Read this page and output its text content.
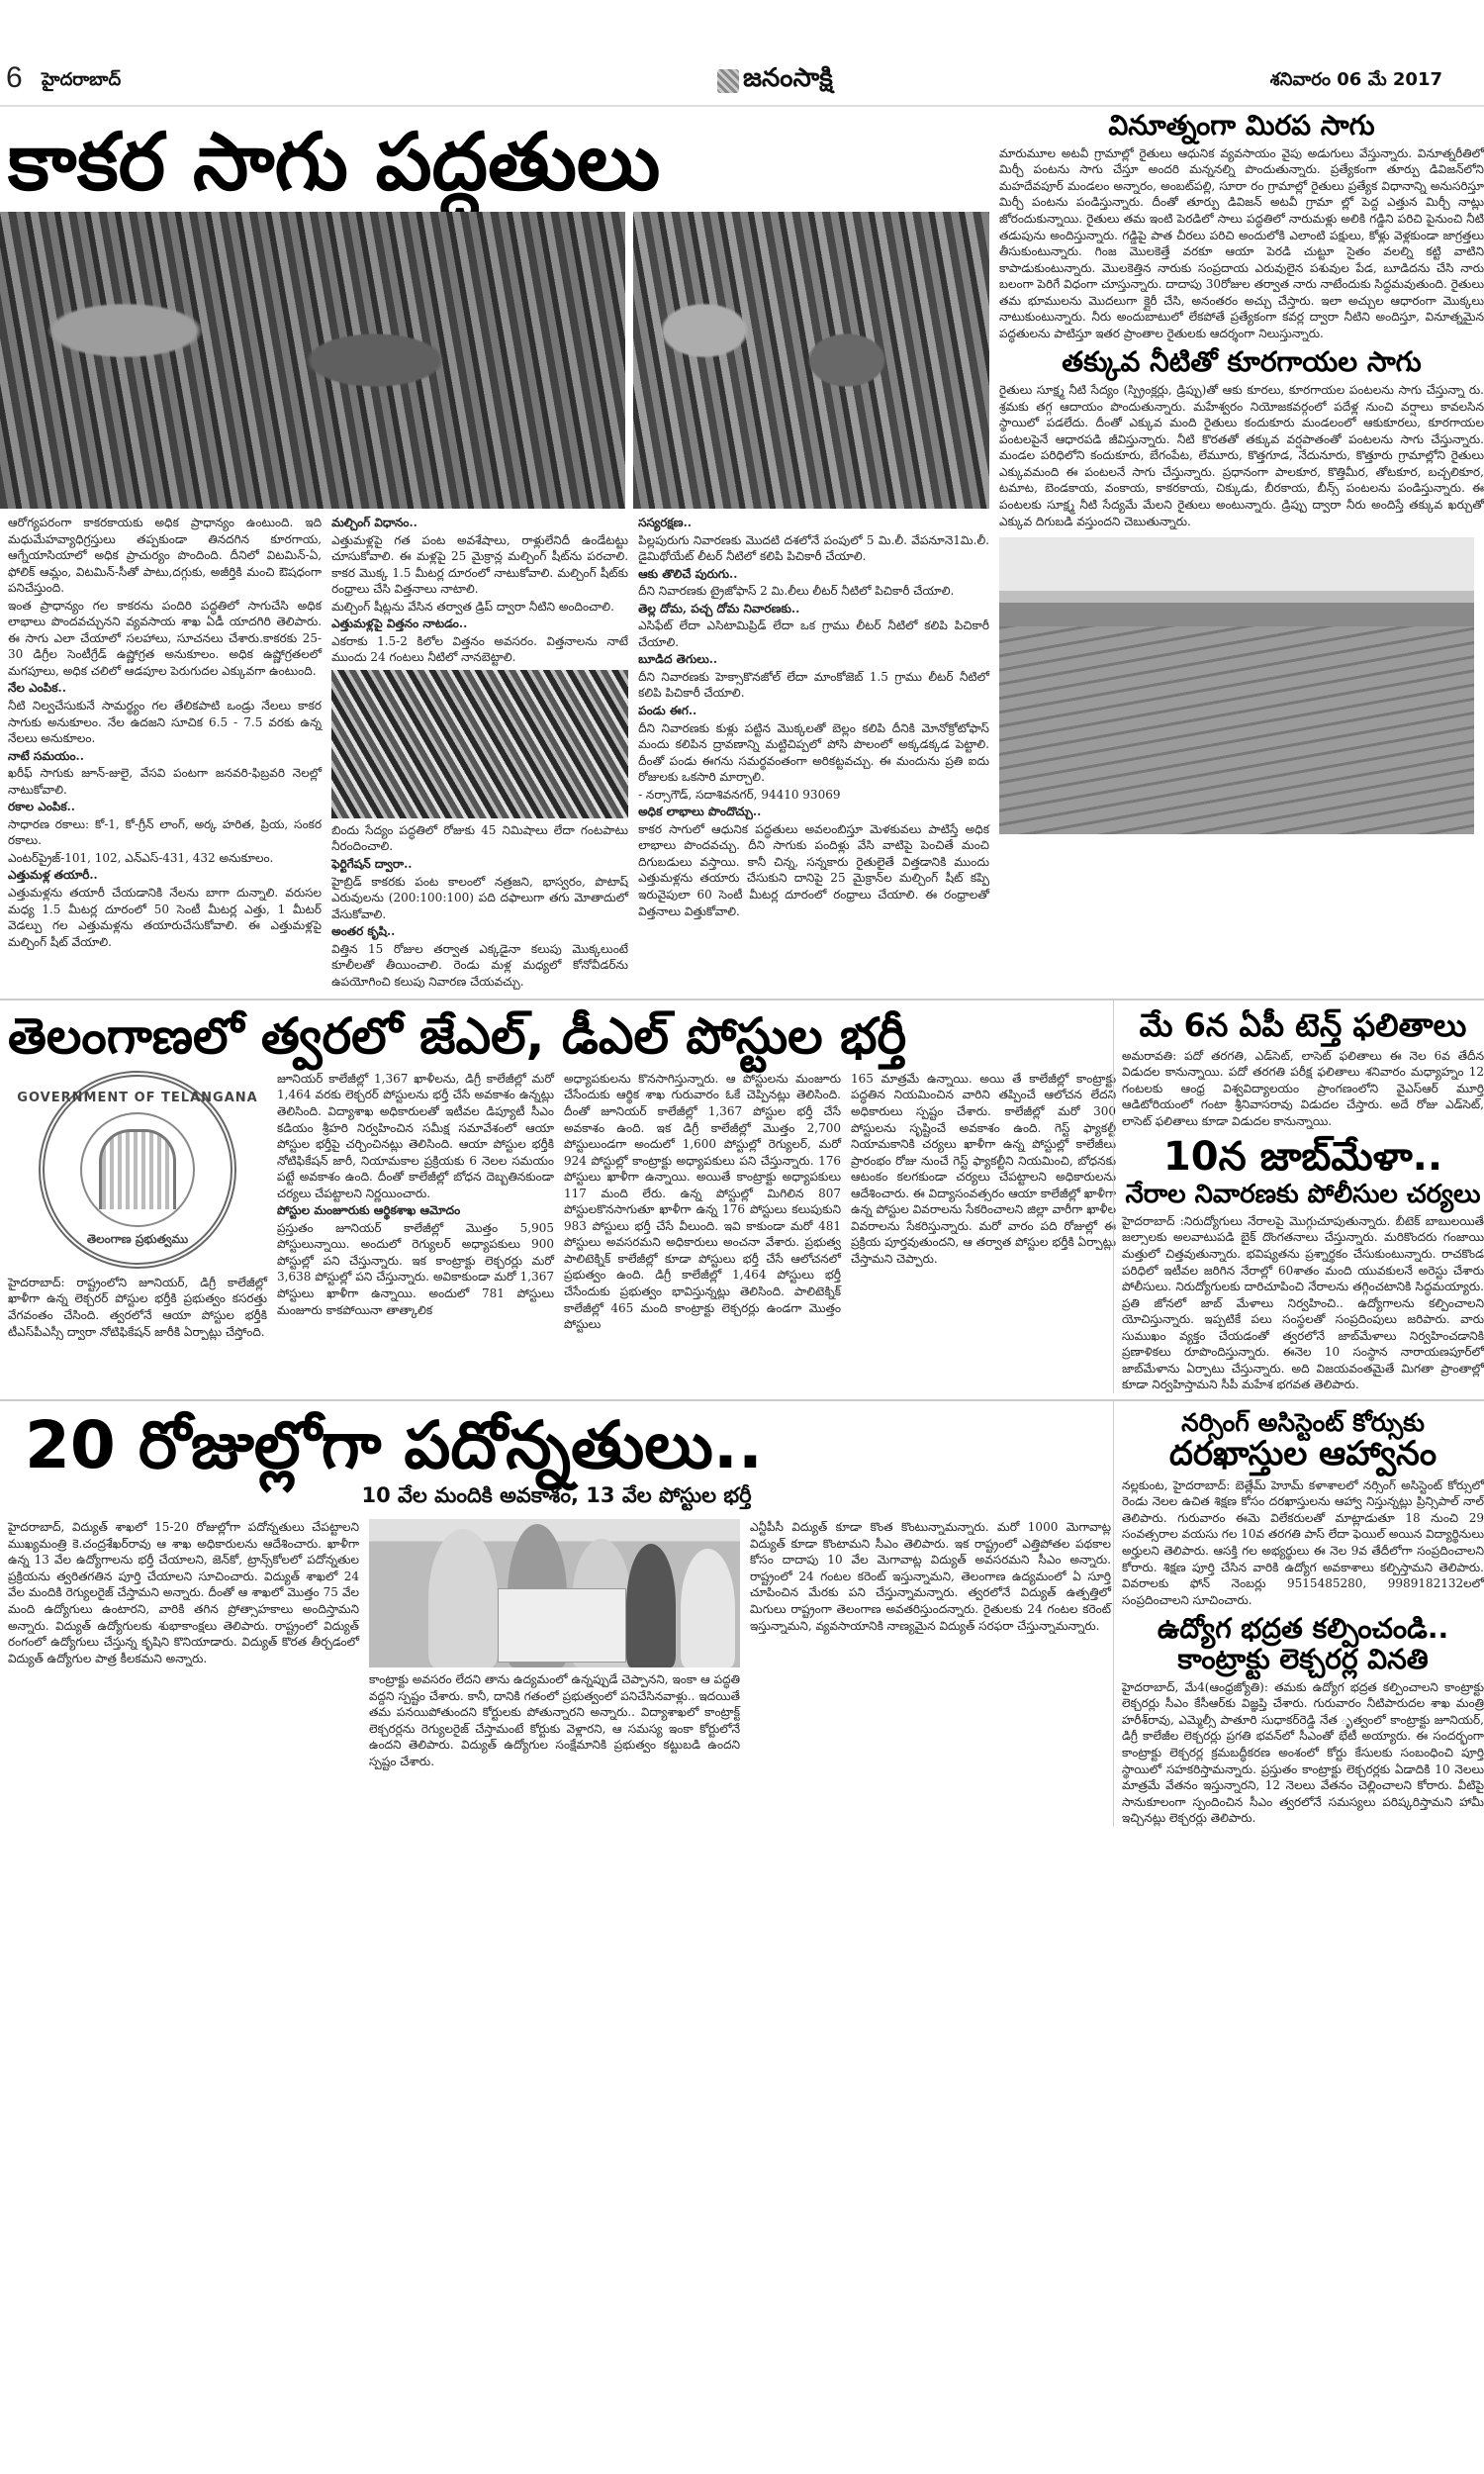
6 హైదరాబాద్	జనంసాక్షి	శనివారం 06 మే 2017
కాకర సాగు పద్ధతులు

ఆరోగ్యపరంగా కాకరకాయకు అధిక ప్రాధాన్యం ఉంటుంది. ఇది మధుమేహవ్యాధిగ్రస్తులు తప్పకుండా తినదగిన కూరగాయ, ఆగ్నేయాసియాలో అధిక ప్రాచుర్యం పొందింది. దీనిలో విటమిన్-ఏ, ఫోలిక్ ఆమ్లం, విటమిన్-సీతో పాటు,దగ్గుకు, అజీర్తికి మంచి ఔషధంగా పనిచేస్తుంది.

ఇంత ప్రాధాన్యం గల కాకరను పందిరి పద్ధతిలో సాగుచేసి అధిక లాభాలు పొందవచ్చునని వ్యవసాయ శాఖ ఏడీ యాదగిరి తెలిపారు. ఈ సాగు ఎలా చేయాలో సలహాలు, సూచనలు చేశారు.కాకరకు 25-30 డిగ్రీల సెంటీగ్రేడ్ ఉష్ణోగ్రత అనుకూలం. అధిక ఉష్ణోగ్రతలలో మగపూలు, అధిక చలిలో ఆడపూల పెరుగుదల ఎక్కువగా ఉంటుంది.

నేల ఎంపిక..

నీటి నిల్వచేసుకునే సామర్థ్యం గల తేలికపాటి ఒండ్రు నేలలు కాకర సాగుకు అనుకూలం. నేల ఉదజని సూచిక 6.5 - 7.5 వరకు ఉన్న నేలలు అనుకూలం.

నాటే సమయం..

ఖరీఫ్ సాగుకు జూన్-జులై, వేసవి పంటగా జనవరి-ఫిబ్రవరి నెలల్లో నాటుకోవాలి.

రకాల ఎంపిక..

సాధారణ రకాలు: కో-1, కో-గ్రీన్ లాంగ్, అర్క హరిత, ప్రియ, సంకర రకాలు.

ఎంటర్‌ప్రైజ్-101, 102, ఎన్‌ఎస్-431, 432 అనుకూలం.

ఎత్తుమళ్ల తయారీ..

ఎత్తుమళ్లను తయారీ చేయడానికి నేలను బాగా దున్నాలి. వరుసల మధ్య 1.5 మీటర్ల దూరంలో 50 సెంటీ మీటర్ల ఎత్తు, 1 మీటర్ వెడల్పు గల ఎత్తుమళ్లను తయారుచేసుకోవాలి. ఈ ఎత్తుమళ్లపై మల్చింగ్ షీట్ వేయాలి.

మల్చింగ్ విధానం..

ఎత్తుమళ్లపై గత పంట అవశేషాలు, రాళ్లులేనిదీ ఉండేటట్టు చూసుకోవాలి. ఈ మళ్లపై 25 మైక్రాన్ల మల్చింగ్ షీట్‌ను పరచాలి. కాకర మొక్క 1.5 మీటర్ల దూరంలో నాటుకోవాలి. మల్చింగ్ షీట్‌కు రంధ్రాలు చేసి విత్తనాలు నాటాలి.

మల్చింగ్ షీట్లను వేసిన తర్వాత డ్రిప్ ద్వారా నీటిని అందించాలి.

ఎత్తుమళ్లపై విత్తనం నాటడం..

ఎకరాకు 1.5-2 కిలోల విత్తనం అవసరం. విత్తనాలను నాటే ముందు 24 గంటలు నీటిలో నానబెట్టాలి.

బిందు సేద్యం పద్ధతిలో రోజుకు 45 నిమిషాలు లేదా గంటపాటు నీరందించాలి.

ఫెర్టిగేషన్ ద్వారా..

హైబ్రిడ్ కాకరకు పంట కాలంలో నత్రజని, భాస్వరం, పొటాష్ ఎరువులను (200:100:100) పది దఫాలుగా తగు మోతాదులో వేసుకోవాలి.

అంతర కృషి..

విత్తిన 15 రోజుల తర్వాత ఎక్కడైనా కలుపు మొక్కలుంటే కూలీలతో తీయించాలి. రెండు మళ్ల మధ్యలో కోనోవీడర్‌ను ఉపయోగించి కలుపు నివారణ చేయవచ్చు.

సస్యరక్షణ..

పిల్లపురుగు నివారణకు మొదటి దశలోనే పంపులో 5 మి.లీ. వేపనూనె1మి.లీ. డైమిథోయేట్ లీటర్ నీటిలో కలిపి పిచికారీ చేయాలి.

ఆకు తొలిచే పురుగు..

దీని నివారణకు ట్రైజోఫాస్ 2 మి.లీలు లీటర్ నీటిలో పిచికారీ చేయాలి.

తెల్ల దోమ, పచ్చ దోమ నివారణకు..

ఎసిఫేట్ లేదా ఎసిటామిప్రిడ్ లేదా ఒక గ్రాము లీటర్ నీటిలో కలిపి పిచికారీ చేయాలి.

బూడిద తెగులు..

దీని నివారణకు హెక్సాకొనజోల్ లేదా మాంకోజెబ్ 1.5 గ్రాము లీటర్ నీటిలో కలిపి పిచికారీ చేయాలి.

పండు ఈగ..

దీని నివారణకు కుళ్లు పట్టిన మొక్కలతో బెల్లం కలిపి దీనికి మోనోక్రోటోఫాస్ మందు కలిపిన ద్రావణాన్ని మట్టిచిప్పలో పోసి పొలంలో అక్కడక్కడ పెట్టాలి. దీంతో పండు ఈగను సమర్థవంతంగా అరికట్టవచ్చు. ఈ మందును ప్రతి ఐదు రోజులకు ఒకసారి మార్చాలి.

- నర్సాగౌడ్, సదాశివనగర్, 94410 93069

అధిక లాభాలు పొందొచ్చు..

కాకర సాగులో ఆధునిక పద్ధతులు అవలంబిస్తూ మెళకువలు పాటిస్తే అధిక లాభాలు పొందవచ్చు. దీని సాగుకు పందిళ్లు వేసి వాటిపై పెంచితే మంచి దిగుబడులు వస్తాయి. కానీ చిన్న, సన్నకారు రైతులైతే విత్తడానికి ముందు ఎత్తుమళ్లను తయారు చేసుకుని దానిపై 25 మైక్రాన్‌ల మల్చింగ్ షీట్ కప్పి ఇరువైపులా 60 సెంటీ మీటర్ల దూరంలో రంధ్రాలు చేయాలి. ఈ రంధ్రాలతో విత్తనాలు విత్తుకోవాలి.

వినూత్నంగా మిరప సాగు
మారుమూల అటవీ గ్రామాల్లో రైతులు ఆధునిక వ్యవసాయం వైపు అడుగులు వేస్తున్నారు. వినూత్నరీతిలో మిర్చీ పంటను సాగు చేస్తూ అందరి మన్ననల్ని పొందుతున్నారు. ప్రత్యేకంగా తూర్పు డివిజన్‌లోని మహదేవపూర్ మండలం అన్నారం, అంబట్‌పల్లి, సూరా రం గ్రామాల్లో రైతులు ప్రత్యేక విధానాన్ని అనుసరిస్తూ మిర్చీ పంటను పండిస్తున్నారు. దీంతో తూర్పు డివిజన్ అటవీ గ్రామా ల్లో పెద్ద ఎత్తున మిర్చీ నాట్లు జోరందుకున్నాయి. రైతులు తమ ఇంటి పెరడిలో సాలు పద్ధతిలో నారుమళ్లు అలికి గడ్డిని పరిచి పైనుంచి నీటి తడుపును అందిస్తున్నారు. గడ్డిపై పాత చీరలు పరిచి అందులోకి ఎలాంటి పక్షులు, కోళ్లు వెళ్లకుండా జాగ్రత్తలు తీసుకుంటున్నారు. గింజ మొలకెత్తే వరకూ ఆయా పెరడి చుట్టూ సైతం వలల్ని కట్టి వాటిని కాపాడుకుంటున్నారు. మొలకెత్తిన నారుకు సంప్రదాయ ఎరువులైన పశువుల పేడ, బూడిదను చేసి నారు బలంగా పెరిగే విధంగా చూస్తున్నారు. దాదాపు 30రోజుల తర్వాత నారు నాటేందుకు సిద్ధమవుతుంది. రైతులు తమ భూములను మొదలుగా క్లైరీ చేసి, అనంతరం అచ్చు చేస్తారు. ఇలా అచ్చుల ఆధారంగా మొక్కలు నాటుకుంటున్నారు. నీరు అందుబాటులో లేకపోతే ప్రత్యేకంగా కవర్ల ద్వారా నీటిని అందిస్తూ, వినూత్నమైన పద్ధతులను పాటిస్తూ ఇతర ప్రాంతాల రైతులకు ఆదర్శంగా నిలుస్తున్నారు.
తక్కువ నీటితో కూరగాయల సాగు
రైతులు సూక్ష్మ నీటి సేద్యం (స్ప్రింక్లర్లు, డ్రిప్పు)తో ఆకు కూరలు, కూరగాయల పంటలను సాగు చేస్తున్నా రు. శ్రమకు తగ్గ ఆదాయం పొందుతున్నారు. మహేశ్వరం నియోజకవర్గంలో పదేళ్ల నుంచి వర్షాలు కావలసిన స్థాయిలో పడలేదు. దీంతో ఎక్కువ మంది రైతులు కందుకూరు మండలంలో ఆకుకూరలు, కూరగాయల పంటలపైనే ఆధారపడి జీవిస్తున్నారు. నీటి కొరతతో తక్కువ వర్షపాతంతో పంటలను సాగు చేస్తున్నారు. మండల పరిధిలోని కందుకూరు, బేగంపేట, లేమూరు, కొత్తగూడ, నేదునూరు, కొత్తూరు గ్రామాల్లోని రైతులు ఎక్కువమంది ఈ పంటలనే సాగు చేస్తున్నారు. ప్రధానంగా పాలకూర, కొత్తిమీర, తోటకూర, బచ్చలికూర, టమాట, బెండకాయ, వంకాయ, కాకరకాయ, చిక్కుడు, బీరకాయ, బీన్స్ పంటలను పండిస్తున్నారు. ఈ పంటలకు సూక్ష్మ నీటి సేద్యమే మేలని రైతులు అంటున్నారు. డ్రిప్పు ద్వారా నీరు అందిస్తే తక్కువ ఖర్చుతో ఎక్కువ దిగుబడి వస్తుందని చెబుతున్నారు.
తెలంగాణలో త్వరలో జేఎల్, డీఎల్ పోస్టుల భర్తీ
GOVERNMENT OF TELANGANA
తెలంగాణ ప్రభుత్వము
హైదరాబాద్: రాష్ట్రంలోని జూనియర్, డిగ్రీ కాలేజీల్లో ఖాళీగా ఉన్న లెక్చరర్ పోస్టుల భర్తీకి ప్రభుత్వం కసరత్తు వేగవంతం చేసింది. త్వరలోనే ఆయా పోస్టుల భర్తీకి టీఎస్‌పీఎస్సీ ద్వారా నోటిఫికేషన్ జారీకి ఏర్పాట్లు చేస్తోంది.

జూనియర్ కాలేజీల్లో 1,367 ఖాళీలను, డిగ్రీ కాలేజీల్లో మరో 1,464 వరకు లెక్చరర్ పోస్టులను భర్తీ చేసే అవకాశం ఉన్నట్లు తెలిసింది. విద్యాశాఖ అధికారులతో ఇటీవల డిప్యూటీ సీఎం కడియం శ్రీహరి నిర్వహించిన సమీక్ష సమావేశంలో ఆయా పోస్టుల భర్తీపై చర్చించినట్లు తెలిసింది. ఆయా పోస్టుల భర్తీకి నోటిఫికేషన్ జారీ, నియామకాల ప్రక్రియకు 6 నెలల సమయం పట్టే అవకాశం ఉంది. దీంతో కాలేజీల్లో బోధన దెబ్బతినకుండా చర్యలు చేపట్టాలని నిర్ణయించారు.

పోస్టుల మంజూరుకు ఆర్థికశాఖ ఆమోదం

ప్రస్తుతం జూనియర్ కాలేజీల్లో మొత్తం 5,905 పోస్టులున్నాయి. అందులో రెగ్యులర్ అధ్యాపకులు 900 పోస్టుల్లో పని చేస్తున్నారు. ఇక కాంట్రాక్టు లెక్చరర్లు మరో 3,638 పోస్టుల్లో పని చేస్తున్నారు. అవికాకుండా మరో 1,367 పోస్టులు ఖాళీగా ఉన్నాయి. అందులో 781 పోస్టులు మంజూరు కాకపోయినా తాత్కాలిక

అధ్యాపకులను కొనసాగిస్తున్నారు. ఆ పోస్టులను మంజూరు చేసేందుకు ఆర్థిక శాఖ గురువారం ఓకే చెప్పినట్లు తెలిసింది. దీంతో జూనియర్ కాలేజీల్లో 1,367 పోస్టుల భర్తీ చేసే అవకాశం ఉంది. ఇక డిగ్రీ కాలేజీల్లో మొత్తం 2,700 పోస్టులుండగా అందులో 1,600 పోస్టుల్లో రెగ్యులర్, మరో 924 పోస్టుల్లో కాంట్రాక్టు అధ్యాపకులు పని చేస్తున్నారు. 176 పోస్టులు ఖాళీగా ఉన్నాయి. అయితే కాంట్రాక్టు అధ్యాపకులు 117 మంది లేరు. ఉన్న పోస్టుల్లో మిగిలిన 807 పోస్టులకొనసాగుతూ ఖాళీగా ఉన్న 176 పోస్టులు కలుపుకుని 983 పోస్టులు భర్తీ చేసే వీలుంది. ఇవి కాకుండా మరో 481 పోస్టులు అవసరమని అధికారులు అంచనా వేశారు. ప్రభుత్వ పాలిటెక్నిక్ కాలేజీల్లో కూడా పోస్టులు భర్తీ చేసే ఆలోచనలో ప్రభుత్వం ఉంది. డిగ్రీ కాలేజీల్లో 1,464 పోస్టులు భర్తీ చేసేందుకు ప్రభుత్వం భావిస్తున్నట్లు తెలిసింది. పాలిటెక్నిక్ కాలేజీల్లో 465 మంది కాంట్రాక్టు లెక్చరర్లు ఉండగా మొత్తం పోస్టులు
165 మాత్రమే ఉన్నాయి. అయి తే కాలేజీల్లో కాంట్రాక్టు పద్ధతిన నియమించిన వారిని తప్పించే ఆలోచన లేదని అధికారులు స్పష్టం చేశారు. కాలేజీల్లో మరో 300 పోస్టులను సృష్టించే అవకాశం ఉంది. గెస్ట్ ఫ్యాకల్టీ నియామకానికి చర్యలు ఖాళీగా ఉన్న పోస్టుల్లో కాలేజీలు ప్రారంభం రోజు నుంచే గెస్ట్ ఫ్యాకల్టీని నియమించి, బోధనకు ఆటంకం కలగకుండా చర్యలు చేపట్టాలని అధికారులను ఆదేశించారు. ఈ విద్యాసంవత్సరం ఆయా కాలేజీల్లో ఖాళీగా ఉన్న పోస్టుల వివరాలను సేకరించాలని జిల్లా వారీగా ఖాళీల వివరాలను సేకరిస్తున్నారు. మరో వారం పది రోజుల్లో ఈ ప్రక్రియ పూర్తవుతుందని, ఆ తర్వాత పోస్టుల భర్తీకి ఏర్పాట్లు చేస్తామని చెప్పారు.
మే 6న ఏపీ టెన్త్ ఫలితాలు
అమరావతి: పదో తరగతి, ఎడ్‌సెట్, లాసెట్ ఫలితాలు ఈ నెల 6వ తేదీన విడుదల కానున్నాయి. పదో తరగతి పరీక్ష ఫలితాలు శనివారం మధ్యాహ్నం 12 గంటలకు ఆంధ్ర విశ్వవిద్యాలయం ప్రాంగణంలోని వైఎస్ఆర్ మూర్తి ఆడిటోరియంలో గంటా శ్రీనివాసరావు విడుదల చేస్తారు. అదే రోజు ఎడ్‌సెట్, లాసెట్ ఫలితాలు కూడా విడుదల కానున్నాయి.
10న జాబ్‌మేళా..
నేరాల నివారణకు పోలీసుల చర్యలు
హైదరాబాద్ :నిరుద్యోగులు నేరాలపై మొగ్గుచూపుతున్నారు. బీటెక్ బాబులయితే జల్సాలకు అలవాటుపడి బైక్ దొంగతనాలు చేస్తున్నారు. మరికొందరు గంజాయి మత్తులో చిత్తవుతున్నారు. భవిష్యతను ప్రశ్నార్థకం చేసుకుంటున్నారు. రాచకొండ పరిధిలో ఇటీవల జరిగిన నేరాల్లో 60శాతం మంది యువకులనే అరెస్టు చేశారు పోలీసులు. నిరుద్యోగులకు దారిచూపించి నేరాలను తగ్గించటానికి సిద్ధమయ్యారు. ప్రతి జోనలో జాబ్ మేళాలు నిర్వహించి.. ఉద్యోగాలను కల్పించాలని యోచిస్తున్నారు. ఇప్పటికే పలు సంస్థలతో సంప్రదింపులు జరిపారు. వారు సుముఖం వ్యక్తం చేయడంతో త్వరలోనే జాబ్‌మేళాలు నిర్వహించడానికి ప్రణాళికలు రూపొందిస్తున్నారు. ఈనెల 10 సంస్థాన నారాయణపూర్‌లో జాబ్‌మేళాను ఏర్పాటు చేస్తున్నారు. అది విజయవంతమైతే మిగతా ప్రాంతాల్లో కూడా నిర్వహిస్తామని సీపీ మహేశ భగవత తెలిపారు.
20 రోజుల్లోగా పదోన్నతులు..
10 వేల మందికి అవకాశం, 13 వేల పోస్టుల భర్తీ
హైదరాబాద్, విద్యుత్ శాఖలో 15-20 రోజుల్లోగా పదోన్నతులు చేపట్టాలని ముఖ్యమంత్రి కె.చంద్రశేఖర్‌రావు ఆ శాఖ అధికారులను ఆదేశించారు. ఖాళీగా ఉన్న 13 వేల ఉద్యోగాలను భర్తీ చేయాలని, జెన్‌కో, ట్రాన్స్‌కోలలో పదోన్నతుల ప్రక్రియను త్వరితగతిన పూర్తి చేయాలని సూచించారు. విద్యుత్ శాఖలో 24 వేల మందికి రెగ్యులరైజ్ చేస్తామని అన్నారు. దీంతో ఆ శాఖలో మొత్తం 75 వేల మంది ఉద్యోగులు ఉంటారని, వారికి తగిన ప్రోత్సాహకాలు అందిస్తామని అన్నారు. విద్యుత్ ఉద్యోగులకు శుభాకాంక్షలు తెలిపారు. రాష్ట్రంలో విద్యుత్ రంగంలో ఉద్యోగులు చేస్తున్న కృషిని కొనియాడారు. విద్యుత్ కొరత తీర్చడంలో విద్యుత్ ఉద్యోగుల పాత్ర కీలకమని అన్నారు.
కాంట్రాక్టు అవసరం లేదని తాను ఉద్యమంలో ఉన్నప్పుడే చెప్పానని, ఇంకా ఆ పద్ధతి వద్దని స్పష్టం చేశారు. కానీ, దానికి గతంలో ప్రభుత్వంలో పనిచేసినవాళ్లు.. ఇదయితే తమ పనయిపోతుందని కోర్టులకు పోతున్నారని అన్నారు.. విద్యాశాఖలో కాంట్రాక్ట్ లెక్చరర్లను రెగ్యులరైజ్ చేస్తామంటే కోర్టుకు వెళ్లారని, ఆ సమస్య ఇంకా కోర్టులోనే ఉందని తెలిపారు. విద్యుత్ ఉద్యోగుల సంక్షేమానికి ప్రభుత్వం కట్టుబడి ఉందని స్పష్టం చేశారు.
ఎన్టీపీసీ విద్యుత్ కూడా కొంత కొంటున్నామన్నారు. మరో 1000 మెగావాట్ల విద్యుత్ కూడా కొంటామని సీఎం తెలిపారు. ఇక రాష్ట్రంలో ఎత్తిపోతల పథకాల కోసం దాదాపు 10 వేల మెగావాట్ల విద్యుత్ అవసరమని సీఎం అన్నారు. రాష్ట్రంలో 24 గంటల కరెంట్ ఇస్తున్నామని, తెలంగాణ ఉద్యమంలో ఏ సూర్తి చూపించిన మేరకు పని చేస్తున్నామన్నారు. త్వరలోనే విద్యుత్ ఉత్పత్తిలో మిగులు రాష్ట్రంగా తెలంగాణ అవతరిస్తుందన్నారు. రైతులకు 24 గంటల కరెంట్ ఇస్తున్నామని, వ్యవసాయానికి నాణ్యమైన విద్యుత్ సరఫరా చేస్తున్నామన్నారు.
నర్సింగ్ అసిస్టెంట్ కోర్సుకు
దరఖాస్తుల ఆహ్వానం
నల్లకుంట, హైదరాబాద్: బెత్లేమ్ హెూమ్ కళాశాలలో నర్సింగ్ అసిస్టెంట్ కోర్సులో రెండు నెలల ఉచిత శిక్షణ కోసం దరఖాస్తులను ఆహ్వా నిస్తున్నట్లు ప్రిన్సిపాల్ నాల్ తెలిపారు. గురువారం ఈమె విలేకరులతో మాట్లాడుతూ 18 నుంచి 29 సంవత్సరాల వయసు గల 10వ తరగతి పాస్ లేదా ఫెయిల్ అయిన విద్యార్థినులు అర్హులని తెలిపారు. ఆసక్తి గల అభ్యర్థులు ఈ నెల 9వ తేదీలోగా సంప్రదించాలని కోరారు. శిక్షణ పూర్తి చేసిన వారికి ఉద్యోగ అవకాశాలు కల్పిస్తామని తెలిపారు. వివరాలకు ఫోన్ నెంబర్లు 9515485280, 9989182132లలో సంప్రదించాలని సూచించారు.
ఉద్యోగ భద్రత కల్పించండి..
కాంట్రాక్టు లెక్చరర్ల వినతి
హైదరాబాద్, మే4(ఆంధ్రజ్యోతి): తమకు ఉద్యోగ భద్రత కల్పించాలని కాంట్రాక్టు లెక్చరర్లు సీఎం కేసీఆర్‌కు విజ్ఞప్తి చేశారు. గురువారం నీటిపారుదల శాఖ మంత్రి హరీశ్‌రావు, ఎమ్మెల్సీ పాతూరి సుధాకర్‌రెడ్డి నేత ృత్వంలో కాంట్రాక్టు జూనియర్, డిగ్రీ కాలేజీల లెక్చరర్లు ప్రగతి భవన్‌లో సీఎంతో భేటీ అయ్యారు. ఈ సందర్భంగా కాంట్రాక్టు లెక్చరర్ల క్రమబద్ధీకరణ అంశంలో కోర్టు కేసులకు సంబంధించి పూర్తి స్థాయిలో సహకరిస్తామన్నారు. ప్రస్తుతం కాంట్రాక్టు లెక్చరర్లకు ఏడాదికి 10 నెలలు మాత్రమే వేతనం ఇస్తున్నారని, 12 నెలలు వేతనం చెల్లించాలని కోరారు. వీటిపై సానుకూలంగా స్పందించిన సీఎం త్వరలోనే సమస్యలు పరిష్కరిస్తామని హామీ ఇచ్చినట్లు లెక్చరర్లు తెలిపారు.
